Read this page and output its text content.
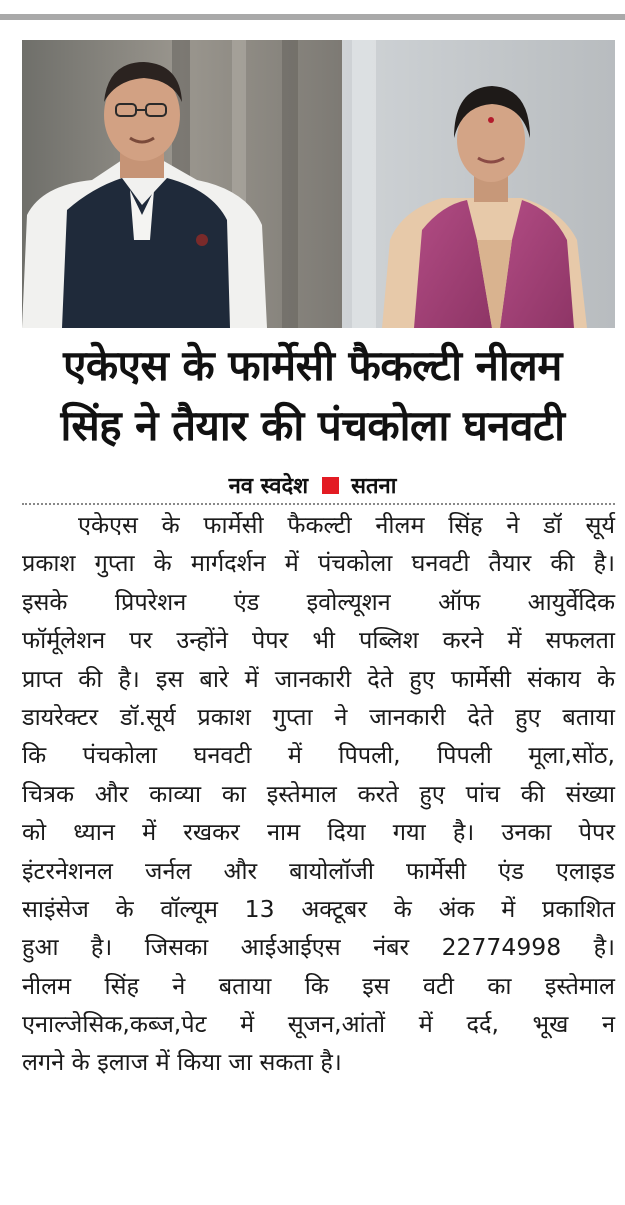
एकेएस के फार्मेसी फैकल्टी नीलम
सिंह ने तैयार की पंचकोला घनवटी
नव स्वदेश सतना
एकेएस के फार्मेसी फैकल्टी नीलम सिंह ने डॉ सूर्य
प्रकाश गुप्ता के मार्गदर्शन में पंचकोला घनवटी तैयार की है।
इसके प्रिपरेशन एंड इवोल्यूशन ऑफ आयुर्वेदिक
फॉर्मूलेशन पर उन्होंने पेपर भी पब्लिश करने में सफलता
प्राप्त की है। इस बारे में जानकारी देते हुए फार्मेसी संकाय के
डायरेक्टर डॉ.सूर्य प्रकाश गुप्ता ने जानकारी देते हुए बताया
कि पंचकोला घनवटी में पिपली, पिपली मूला,सोंठ,
चित्रक और काव्या का इस्तेमाल करते हुए पांच की संख्या
को ध्यान में रखकर नाम दिया गया है। उनका पेपर
इंटरनेशनल जर्नल और बायोलॉजी फार्मेसी एंड एलाइड
साइंसेज के वॉल्यूम 13 अक्टूबर के अंक में प्रकाशित
हुआ है। जिसका आईआईएस नंबर 22774998 है।
नीलम सिंह ने बताया कि इस वटी का इस्तेमाल
एनाल्जेसिक,कब्ज,पेट में सूजन,आंतों में दर्द, भूख न
लगने के इलाज में किया जा सकता है।
